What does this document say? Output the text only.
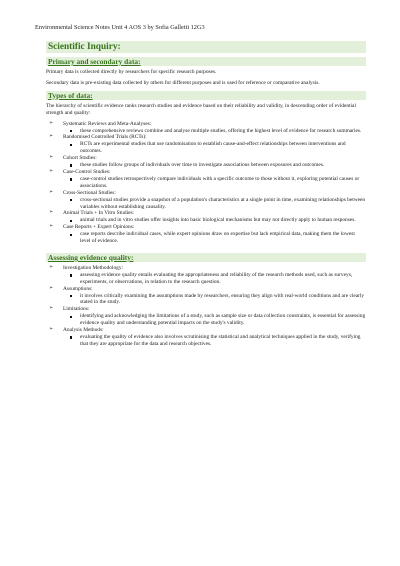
Environmental Science Notes Unit 4 AOS 3 by Sofia Galletti 12G3
Scientific Inquiry:
Primary and secondary data:

Primary data is collected directly by researchers for specific research purposes.

Secondary data is pre-existing data collected by others for different purposes and is used for reference or comparative analysis.

Types of data:

The hierarchy of scientific evidence ranks research studies and evidence based on their reliability and validity, in descending order of evidential strength and quality:

➢ Systematic Reviews and Meta-Analyses:
these comprehensive reviews combine and analyse multiple studies, offering the highest level of evidence for research summaries.
➢ Randomised Controlled Trials (RCTs):
RCTs are experimental studies that use randomisation to establish cause-and-effect relationships between interventions and outcomes.
➢ Cohort Studies:
these studies follow groups of individuals over time to investigate associations between exposures and outcomes.
➢ Case-Control Studies:
case-control studies retrospectively compare individuals with a specific outcome to those without it, exploring potential causes or associations.
➢ Cross-Sectional Studies:
cross-sectional studies provide a snapshot of a population's characteristics at a single point in time, examining relationships between variables without establishing causality.
➢ Animal Trials + In Vitro Studies:
animal trials and in vitro studies offer insights into basic biological mechanisms but may not directly apply to human responses.
➢ Case Reports + Expert Opinions:
case reports describe individual cases, while expert opinions draw on expertise but lack empirical data, making them the lowest level of evidence.
Assessing evidence quality:
➢ Investigation Methodology:
assessing evidence quality entails evaluating the appropriateness and reliability of the research methods used, such as surveys, experiments, or observations, in relation to the research question.
➢ Assumptions:
it involves critically examining the assumptions made by researchers, ensuring they align with real-world conditions and are clearly stated in the study.
➢ Limitations:
identifying and acknowledging the limitations of a study, such as sample size or data collection constraints, is essential for assessing evidence quality and understanding potential impacts on the study's validity.
➢ Analysis Methods:
evaluating the quality of evidence also involves scrutinising the statistical and analytical techniques applied in the study, verifying that they are appropriate for the data and research objectives.
